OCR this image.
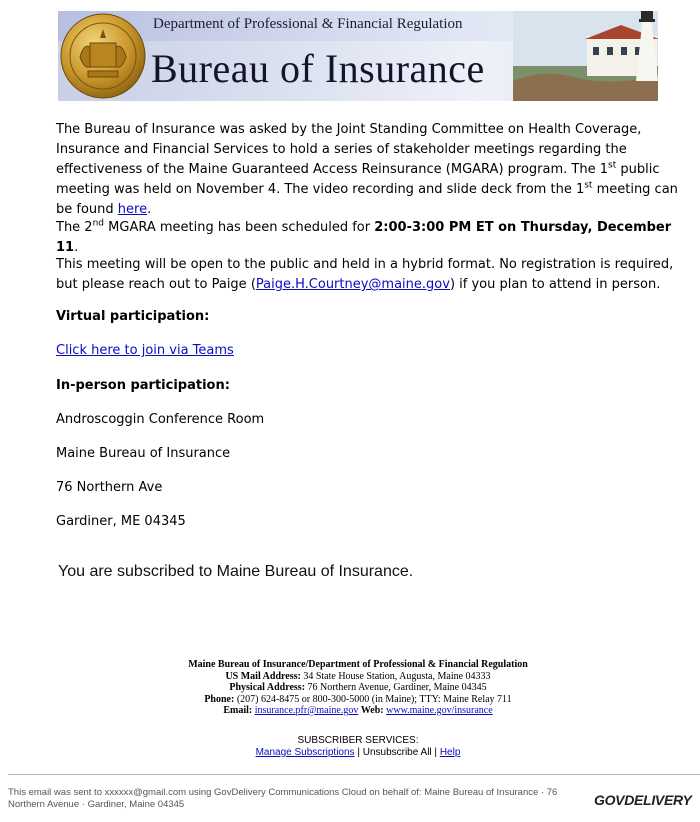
Department of Professional & Financial Regulation
Bureau of Insurance

The Bureau of Insurance was asked by the Joint Standing Committee on Health Coverage, Insurance and Financial Services to hold a series of stakeholder meetings regarding the effectiveness of the Maine Guaranteed Access Reinsurance (MGARA) program. The 1st public meeting was held on November 4. The video recording and slide deck from the 1st meeting can be found here.

The 2nd MGARA meeting has been scheduled for 2:00-3:00 PM ET on Thursday, December 11.

This meeting will be open to the public and held in a hybrid format. No registration is required, but please reach out to Paige (Paige.H.Courtney@maine.gov) if you plan to attend in person.

Virtual participation:
Click here to join via Teams
In-person participation:
Androscoggin Conference Room
Maine Bureau of Insurance
76 Northern Ave
Gardiner, ME 04345
You are subscribed to Maine Bureau of Insurance.
Maine Bureau of Insurance/Department of Professional & Financial Regulation
US Mail Address: 34 State House Station, Augusta, Maine 04333
Physical Address: 76 Northern Avenue, Gardiner, Maine 04345
Phone: (207) 624-8475 or 800-300-5000 (in Maine); TTY: Maine Relay 711
Email: insurance.pfr@maine.gov Web: www.maine.gov/insurance
SUBSCRIBER SERVICES:
Manage Subscriptions | Unsubscribe All | Help
This email was sent to xxxxxx@gmail.com using GovDelivery Communications Cloud on behalf of: Maine Bureau of Insurance · 76 Northern Avenue · Gardiner, Maine 04345	GOVDELIVERY
